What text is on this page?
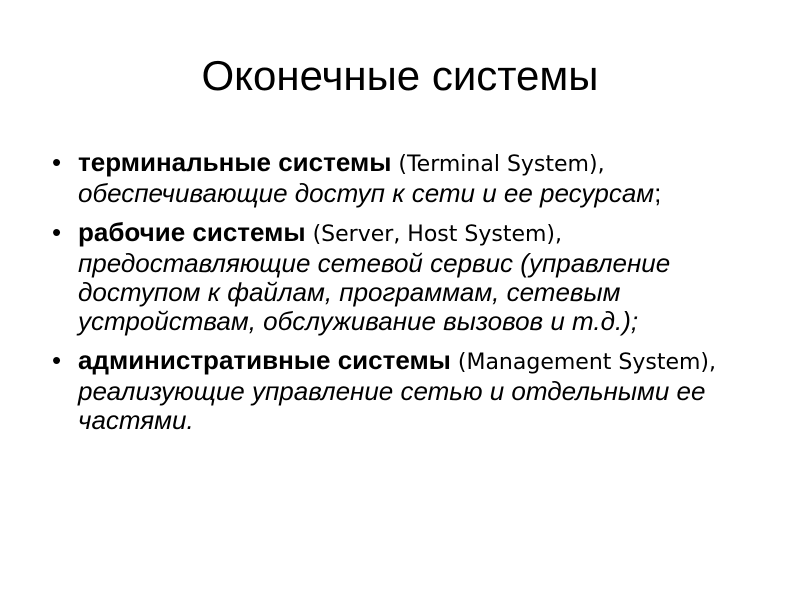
Оконечные системы
• терминальные системы (Terminal System), обеспечивающие доступ к сети и ее ресурсам;
• рабочие системы (Server, Host System), предоставляющие сетевой сервис (управление доступом к файлам, программам, сетевым устройствам, обслуживание вызовов и т.д.);
• административные системы (Management System), реализующие управление сетью и отдельными ее частями.
